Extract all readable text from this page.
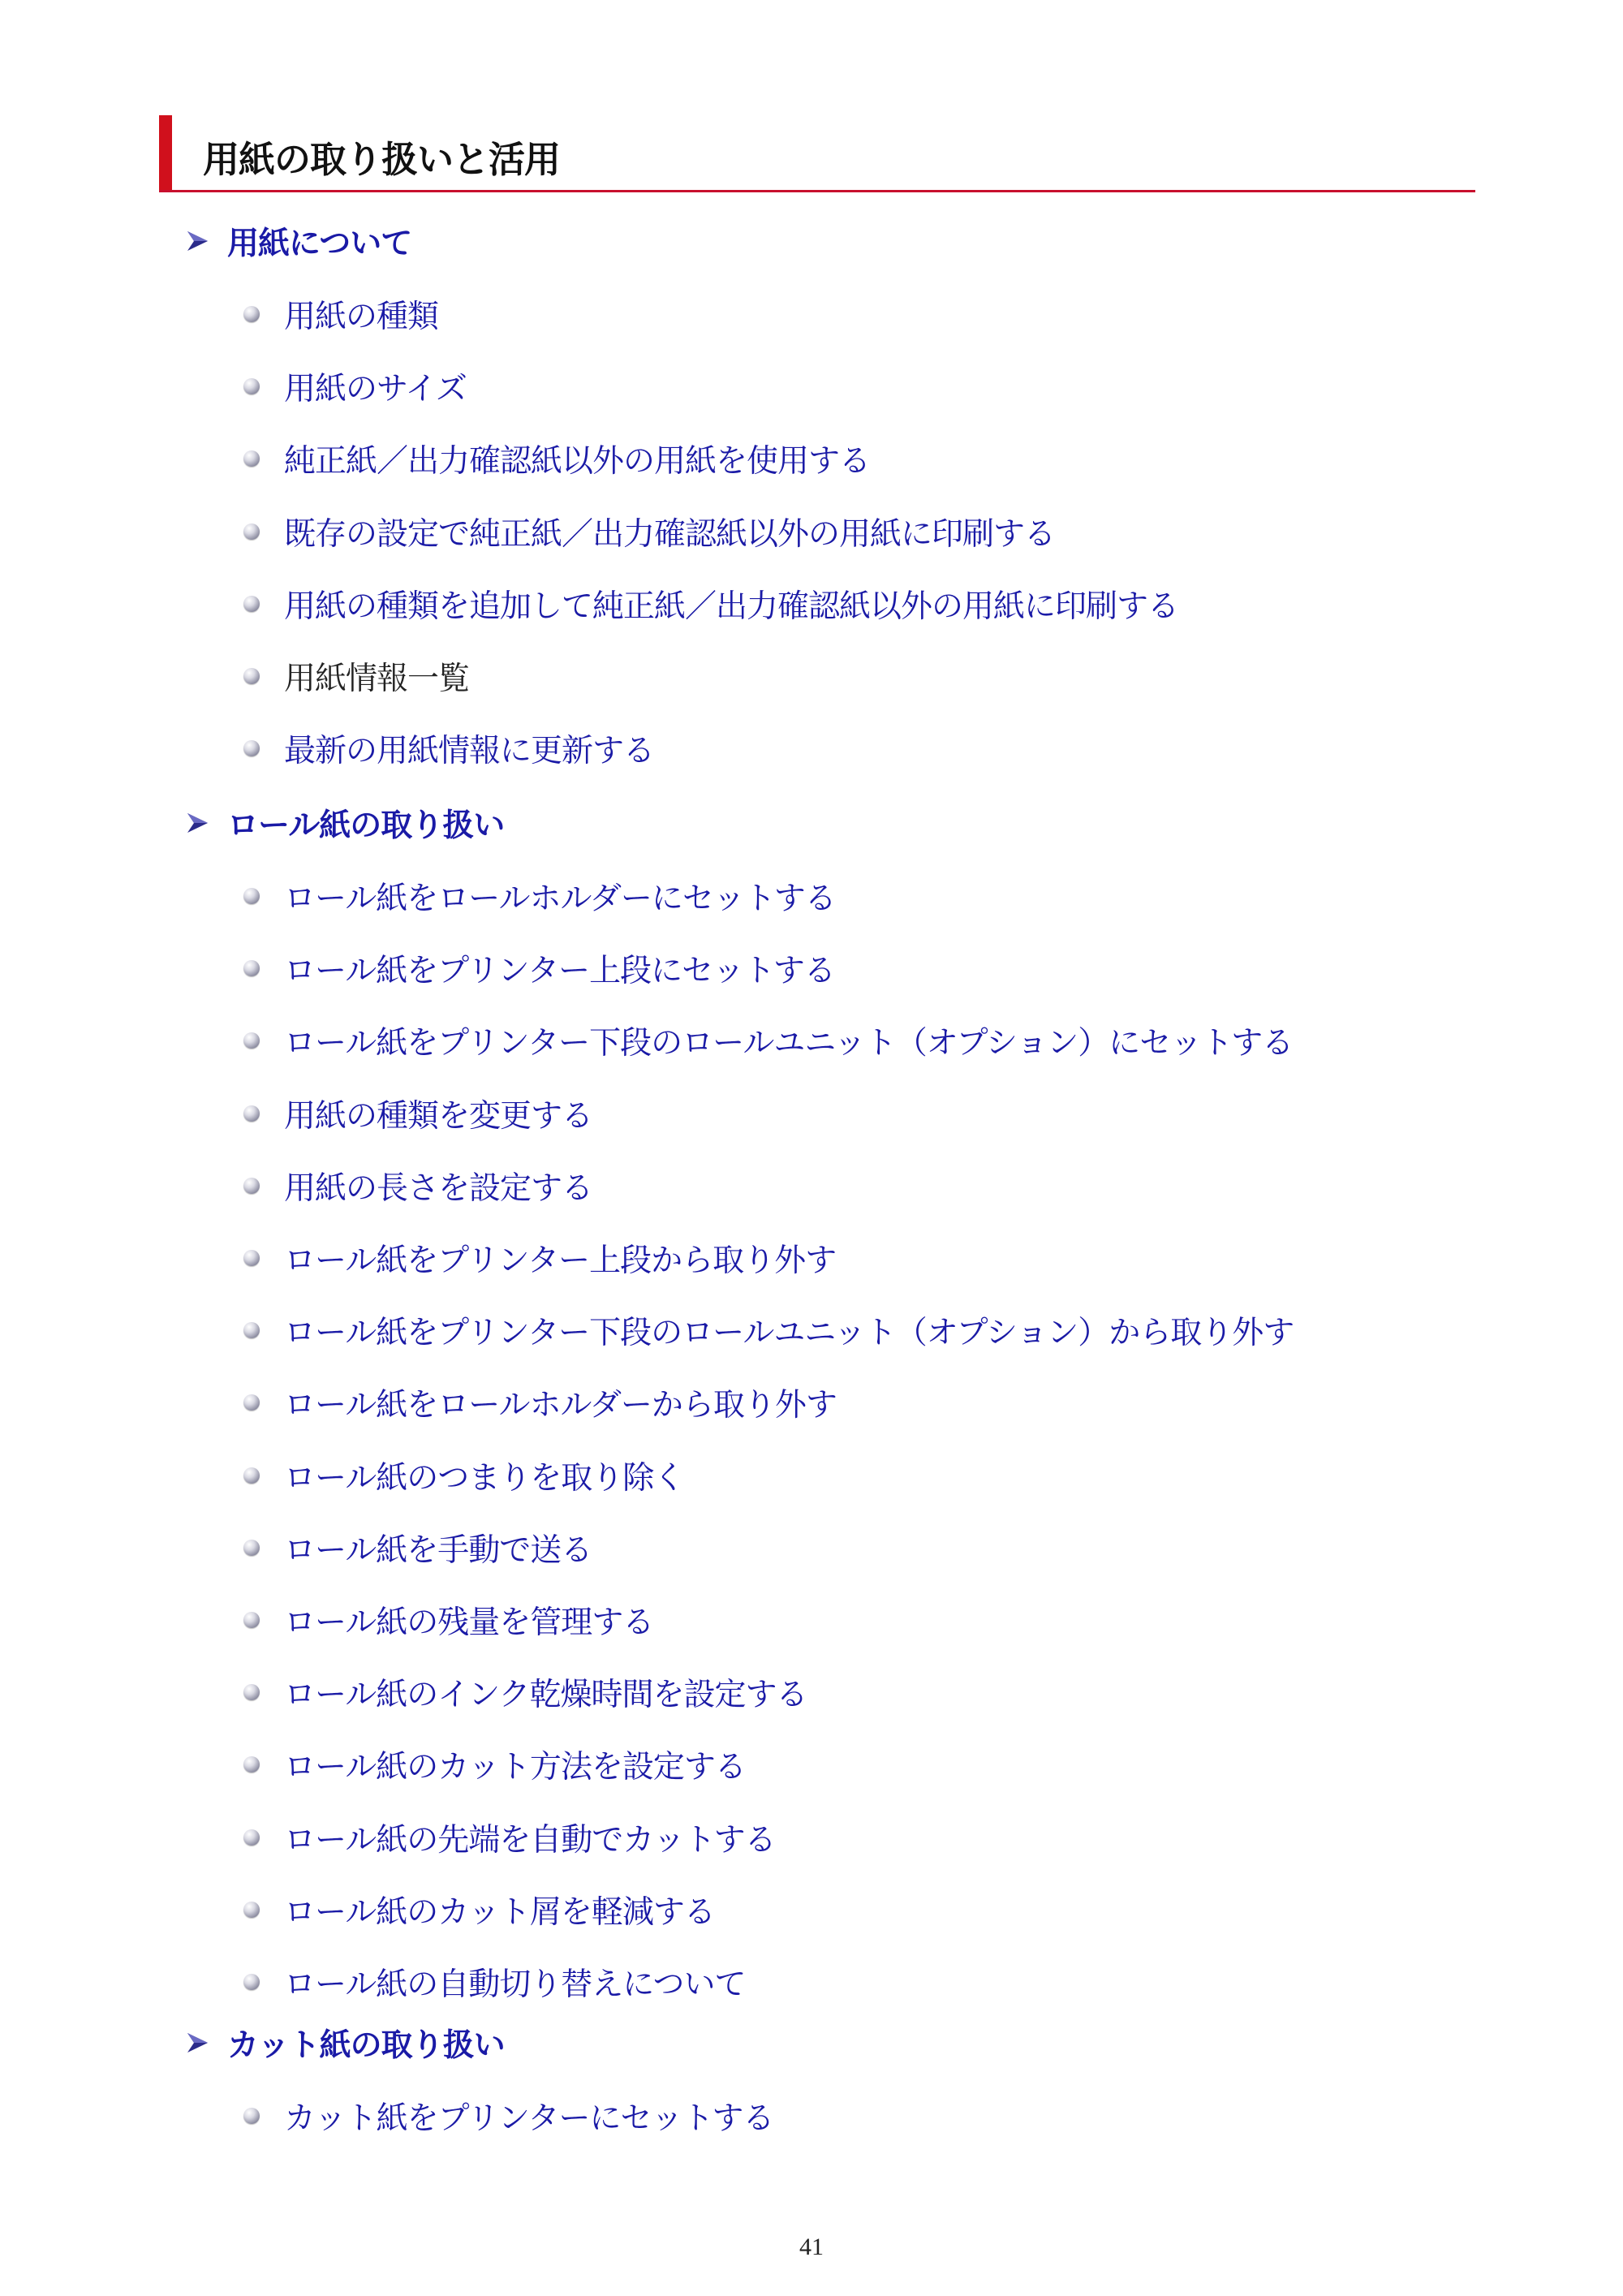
用紙の取り扱いと活用
用紙について
用紙の種類
用紙のサイズ
純正紙／出力確認紙以外の用紙を使用する
既存の設定で純正紙／出力確認紙以外の用紙に印刷する
用紙の種類を追加して純正紙／出力確認紙以外の用紙に印刷する
用紙情報一覧
最新の用紙情報に更新する
ロール紙の取り扱い
ロール紙をロールホルダーにセットする
ロール紙をプリンター上段にセットする
ロール紙をプリンター下段のロールユニット（オプション）にセットする
用紙の種類を変更する
用紙の長さを設定する
ロール紙をプリンター上段から取り外す
ロール紙をプリンター下段のロールユニット（オプション）から取り外す
ロール紙をロールホルダーから取り外す
ロール紙のつまりを取り除く
ロール紙を手動で送る
ロール紙の残量を管理する
ロール紙のインク乾燥時間を設定する
ロール紙のカット方法を設定する
ロール紙の先端を自動でカットする
ロール紙のカット屑を軽減する
ロール紙の自動切り替えについて
カット紙の取り扱い
カット紙をプリンターにセットする
41
